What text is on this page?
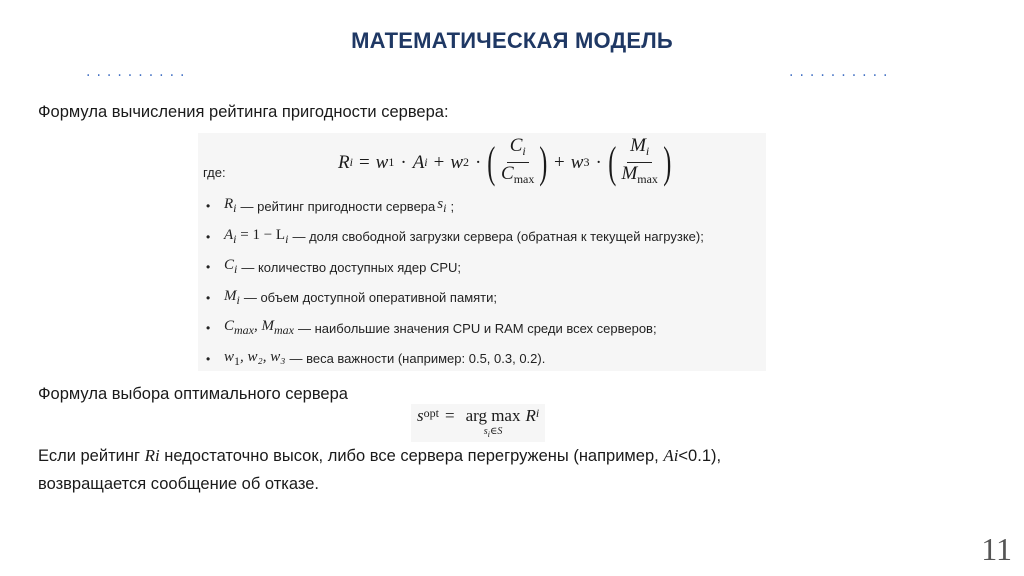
МАТЕМАТИЧЕСКАЯ МОДЕЛЬ
··········	··········
Формула вычисления рейтинга пригодности сервера:
R i = w 1 · A i + w 2 · ( $\frac{C_i}{C_{max}}$ ) + w 3 · ( $\frac{M_i}{M_{max}}$ )
где:
• $R_i$ — рейтинг пригодности сервера $s_i$ ;
• $A_i = 1 - L_i$ — доля свободной загрузки сервера (обратная к текущей нагрузке);
• $C_i$ — количество доступных ядер CPU;
• $M_i$ — объем доступной оперативной памяти;
• $C_{max}$, $M_{max}$ — наибольшие значения CPU и RAM среди всех серверов;
• $w_1$, w₂, w₃ — веса важности (например: 0.5, 0.3, 0.2).
Формула выбора оптимального сервера
s opt = arg max
$s_i\in S$
R i
Если рейтинг Ri недостаточно высок, либо все сервера перегружены (например, Ai<0.1),
возвращается сообщение об отказе.
11
